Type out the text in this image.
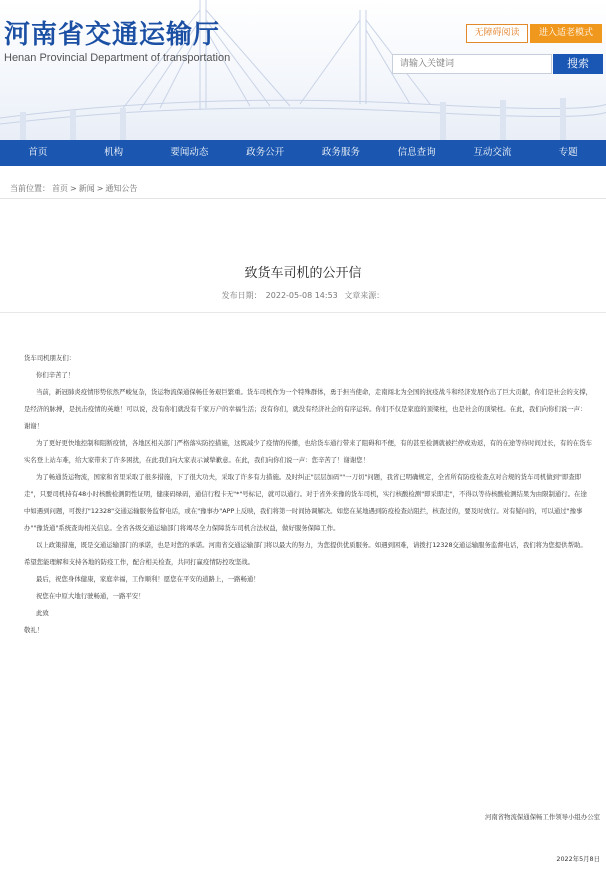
河南省交通运输厅
Henan Provincial Department of transportation
无障碍阅读	进入适老模式
请输入关键词
搜索
首页	机构	要闻动态	政务公开	政务服务	信息查询	互动交流	专题
当前位置： 首页 > 新闻 > 通知公告
致货车司机的公开信
发布日期： 2022-05-08 14:53 文章来源：

货车司机朋友们：

你们辛苦了！

当前，新冠肺炎疫情形势依然严峻复杂，货运物流保通保畅任务艰巨繁重。货车司机作为一个特殊群体，勇于担当使命，走南闯北为全国的抗疫战斗和经济发展作出了巨大贡献，你们是社会的支撑，是经济的脉搏，是抗击疫情的英雄！可以说，没有你们就没有千家万户的幸福生活；没有你们，就没有经济社会的有序运转。你们不仅是家庭的顶梁柱，也是社会的顶梁柱。在此，我们向你们说一声：谢谢！

为了更好更快地控制和阻断疫情，各地区相关部门严格落实防控措施，这既减少了疫情的传播，也给货车通行带来了阻碍和不便，有的甚至检测就被拦停或劝返，有的在途等待时间过长，有的在货车实名登上站车难，给大家带来了许多困扰，在此我们向大家表示诚挚歉意。在此，我们向你们说一声：您辛苦了！谢谢您！

为了畅通货运物流，国家和省里采取了很多措施，下了很大功夫，采取了许多有力措施。及时纠正"层层加码""一刀切"问题，我省已明确规定，全省所有防疫检查点对合规的货车司机做到"即查即走"，只要司机持有48小时核酸检测阴性证明，健康码绿码，通信行程卡无"*"号标记，就可以通行。对于省外来豫的货车司机，实行核酸检测"即采即走"，不得以等待核酸检测结果为由限制通行。在途中如遇到问题，可拨打"12328"交通运输服务监督电话，或在"豫事办"APP上反映，我们将第一时间协调解决。如您在某地遇到防疫检查站阻拦，核查过的，要及时放行。对有疑问的，可以通过"豫事办""豫货通"系统查询相关信息。全省各级交通运输部门将竭尽全力保障货车司机合法权益，做好服务保障工作。

以上政策措施，既是交通运输部门的承诺，也是对您的承诺。河南省交通运输部门将以最大的努力，为您提供优质服务。如遇到困难，请拨打12328交通运输服务监督电话，我们将为您提供帮助。希望您能理解和支持各地的防疫工作，配合相关检查，共同打赢疫情防控攻坚战。

最后，祝您身体健康，家庭幸福，工作顺利！愿您在平安的道路上，一路畅通！

祝您在中原大地行驶畅通，一路平安！

此致

敬礼！

河南省物流保通保畅工作领导小组办公室
2022年5月8日
